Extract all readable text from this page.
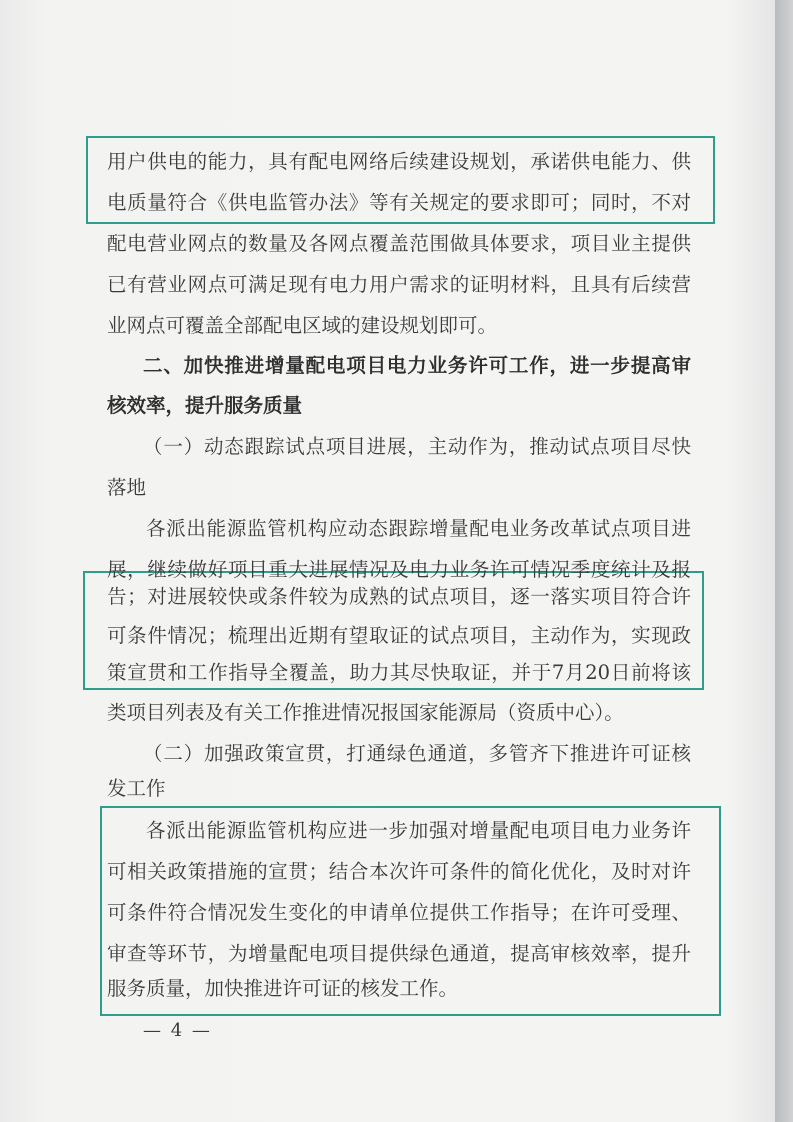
用户供电的能力，具有配电网络后续建设规划，承诺供电能力、供

电质量符合《供电监管办法》等有关规定的要求即可；同时，不对

配电营业网点的数量及各网点覆盖范围做具体要求，项目业主提供

已有营业网点可满足现有电力用户需求的证明材料，且具有后续营

业网点可覆盖全部配电区域的建设规划即可。

二、加快推进增量配电项目电力业务许可工作，进一步提高审

核效率，提升服务质量

（一）动态跟踪试点项目进展，主动作为，推动试点项目尽快

落地

各派出能源监管机构应动态跟踪增量配电业务改革试点项目进

展，继续做好项目重大进展情况及电力业务许可情况季度统计及报

告；对进展较快或条件较为成熟的试点项目，逐一落实项目符合许

可条件情况；梳理出近期有望取证的试点项目，主动作为，实现政

策宣贯和工作指导全覆盖，助力其尽快取证，并于7月20日前将该

类项目列表及有关工作推进情况报国家能源局（资质中心）。

（二）加强政策宣贯，打通绿色通道，多管齐下推进许可证核

发工作

各派出能源监管机构应进一步加强对增量配电项目电力业务许

可相关政策措施的宣贯；结合本次许可条件的简化优化，及时对许

可条件符合情况发生变化的申请单位提供工作指导；在许可受理、

审查等环节，为增量配电项目提供绿色通道，提高审核效率，提升

服务质量，加快推进许可证的核发工作。

— 4 —
